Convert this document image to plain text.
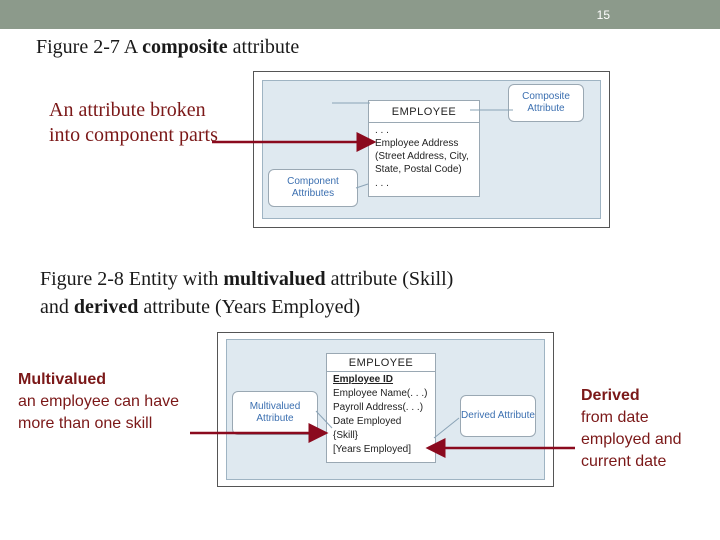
15
Figure 2-7 A composite attribute
An attribute broken into component parts
EMPLOYEE
. . .
Employee Address
(Street Address, City,
State, Postal Code)
. . .
Composite Attribute
Component Attributes
Figure 2-8 Entity with multivalued attribute (Skill)
and derived attribute (Years Employed)
Multivalued
an employee can have more than one skill
Derived
from date employed and current date
EMPLOYEE
Employee ID
Employee Name(. . .)
Payroll Address(. . .)
Date Employed
{Skill}
[Years Employed]
Multivalued Attribute	Derived Attribute
